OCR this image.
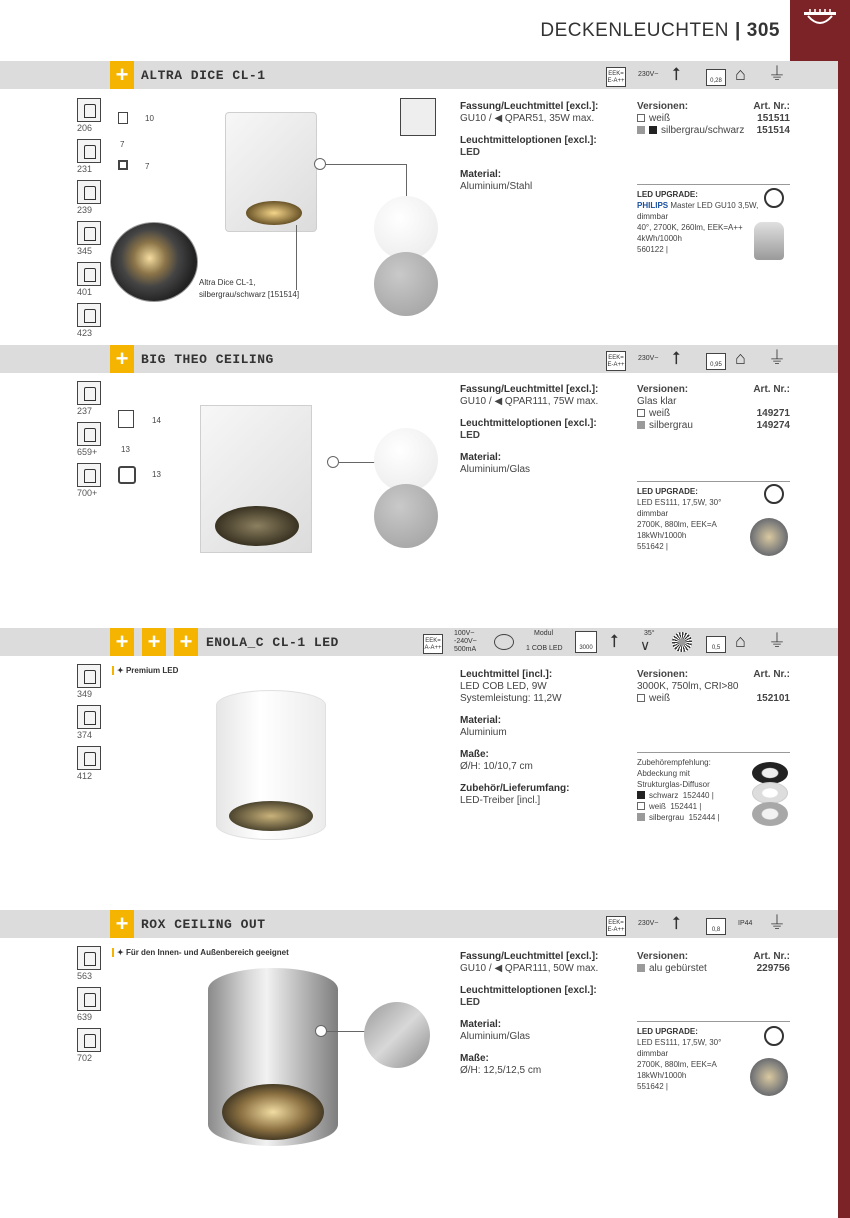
DECKENLEUCHTEN | 305
+ ALTRA DICE CL-1	EEK= E-A++
230V~ ⭡	0,28 ⌂ ⏚
206
231
239
345
401
423
10
7
7
Altra Dice CL-1,
silbergrau/schwarz [151514]
Fassung/Leuchtmittel [excl.]:
GU10 / ◀ QPAR51, 35W max.
Leuchtmitteloptionen [excl.]:
LED
Material:
Aluminium/Stahl
Versionen:	Art. Nr.:
weiß	151511
silbergrau/schwarz 151514
LED UPGRADE:
PHILIPS Master LED GU10 3,5W,
dimmbar
40°, 2700K, 260lm, EEK=A++
4kWh/1000h
560122 |
+ BIG THEO CEILING	EEK= E-A++
230V~ ⭡	0,95 ⌂ ⏚
237
659+
700+
14
13
13
Fassung/Leuchtmittel [excl.]:
GU10 / ◀ QPAR111, 75W max.
Leuchtmitteloptionen [excl.]:
LED
Material:
Aluminium/Glas
Versionen:	Art. Nr.:
Glas klar
weiß	149271
silbergrau	149274
LED UPGRADE:
LED ES111, 17,5W, 30°
dimmbar
2700K, 880lm, EEK=A
18kWh/1000h
551642 |
+ + +	ENOLA_C CL-1 LED	EEK= A-A++
100V~ -240V~ 500mA
Modul
1 COB LED	3000 ⭡	35°
∨	0,5 ⌂ ⏚
349
374
412
✦ Premium LED	Leuchtmittel [incl.]:
LED COB LED, 9W
Systemleistung: 11,2W
Material:
Aluminium
Maße:
Ø/H: 10/10,7 cm
Zubehör/Lieferumfang:
LED-Treiber [incl.]
Versionen:	Art. Nr.:
3000K, 750lm, CRI>80
weiß	152101
Zubehörempfehlung:
Abdeckung mit
Strukturglas-Diffusor
schwarz 152440 |
weiß 152441 |
silbergrau 152444 |
+ ROX CEILING OUT	EEK= E-A++
230V~ ⭡	0,8
IP44 ⏚
563
639
702
✦ Für den Innen- und Außenbereich geeignet	Fassung/Leuchtmittel [excl.]:
GU10 / ◀ QPAR111, 50W max.
Leuchtmitteloptionen [excl.]:
LED
Material:
Aluminium/Glas
Maße:
Ø/H: 12,5/12,5 cm
Versionen:	Art. Nr.:
alu gebürstet	229756
LED UPGRADE:
LED ES111, 17,5W, 30°
dimmbar
2700K, 880lm, EEK=A
18kWh/1000h
551642 |
